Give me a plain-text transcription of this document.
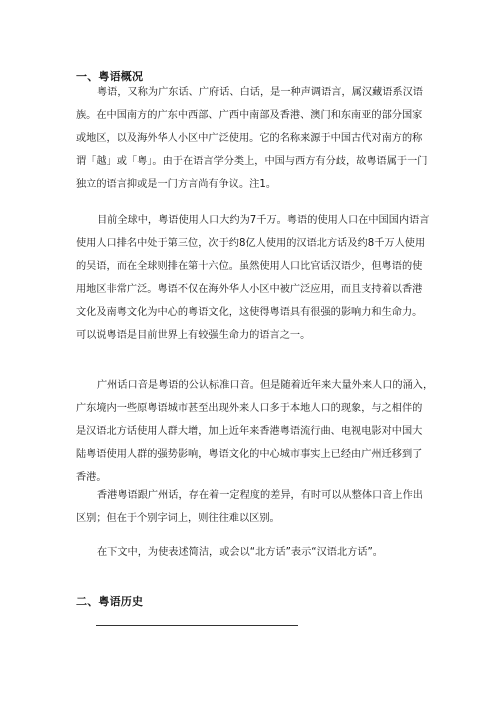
一、粤语概况
粤语，又称为广东话、广府话、白话，是一种声调语言，属汉藏语系汉语
族。在中国南方的广东中西部、广西中南部及香港、澳门和东南亚的部分国家
或地区，以及海外华人小区中广泛使用。它的名称来源于中国古代对南方的称
谓「越」或「粤」。由于在语言学分类上，中国与西方有分歧，故粤语属于一门
独立的语言抑或是一门方言尚有争议。注1。
目前全球中，粤语使用人口大约为7千万。粤语的使用人口在中国国内语言
使用人口排名中处于第三位，次于约8亿人使用的汉语北方话及约8千万人使用
的吴语，而在全球则排在第十六位。虽然使用人口比官话汉语少，但粤语的使
用地区非常广泛。粤语不仅在海外华人小区中被广泛应用，而且支持着以香港
文化及南粤文化为中心的粤语文化，这使得粤语具有很强的影响力和生命力。
可以说粤语是目前世界上有较强生命力的语言之一。
广州话口音是粤语的公认标准口音。但是随着近年来大量外来人口的涌入，
广东境内一些原粤语城市甚至出现外来人口多于本地人口的现象，与之相伴的
是汉语北方话使用人群大增，加上近年来香港粤语流行曲、电视电影对中国大
陆粤语使用人群的强势影响，粤语文化的中心城市事实上已经由广州迁移到了
香港。
香港粤语跟广州话，存在着一定程度的差异，有时可以从整体口音上作出
区别；但在于个别字词上，则往往难以区别。
在下文中，为使表述简洁，或会以“北方话”表示“汉语北方话”。
二、粤语历史
